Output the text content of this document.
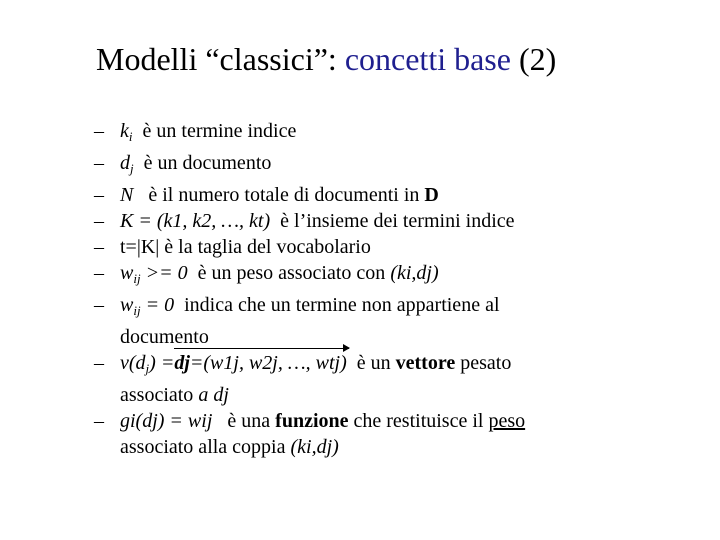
Modelli “classici”: concetti base (2)
– $k_i$ è un termine indice
– $d_j$ è un documento
– N è il numero totale di documenti in D
– K = (k1, k2, …, kt) è l’insieme dei termini indice
– t=|K| è la taglia del vocabolario
– $w_{ij} >= 0$ è un peso associato con (ki,dj)
– $w_{ij} = 0$ indica che un termine non appartiene al
documento
– $v(d_j)$ =
dj=(w1j, w2j, …, wtj) è un vettore pesato
associato a dj
– gi(dj) = wij è una funzione che restituisce il peso
associato alla coppia (ki,dj)
